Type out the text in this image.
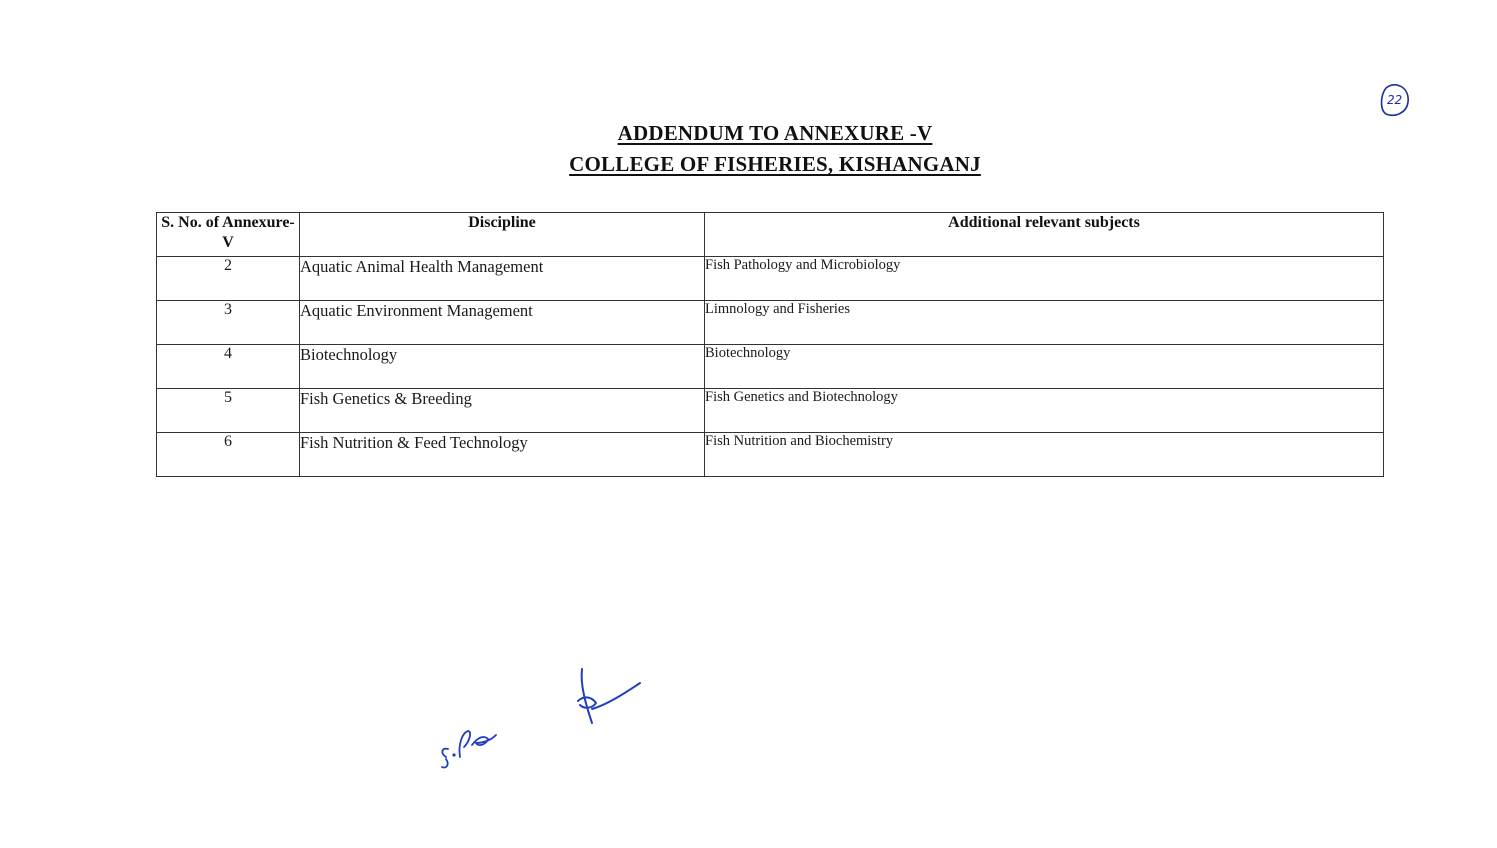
22
ADDENDUM TO ANNEXURE -V
COLLEGE OF FISHERIES, KISHANGANJ
S. No. of Annexure-V	Discipline	Additional relevant subjects
2	Aquatic Animal Health Management	Fish Pathology and Microbiology
3	Aquatic Environment Management	Limnology and Fisheries
4	Biotechnology	Biotechnology
5	Fish Genetics & Breeding	Fish Genetics and Biotechnology
6	Fish Nutrition & Feed Technology	Fish Nutrition and Biochemistry
